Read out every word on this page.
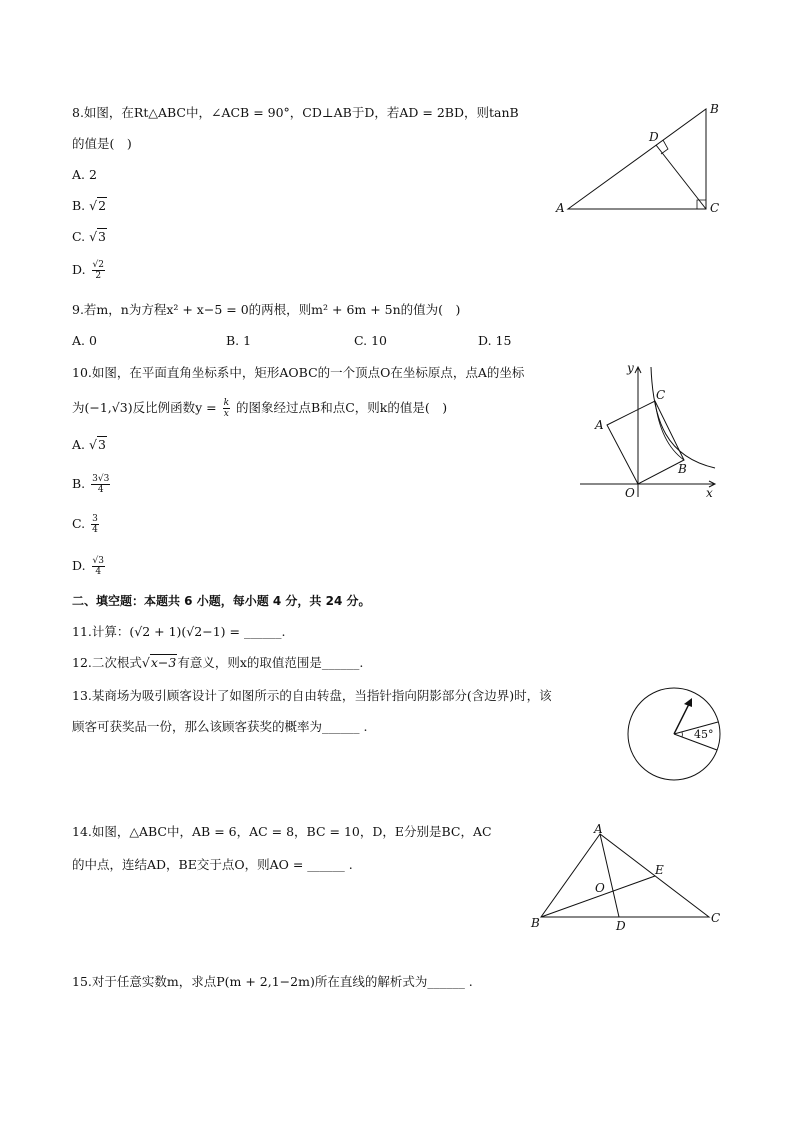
8.如图，在Rt△ABC中，∠ACB = 90°，CD⊥AB于D，若AD = 2BD，则tanB
的值是(　)
A. 2
B. √2
C. √3
D. $\frac{√2}{2}$
A
B
C
D
9.若m，n为方程x² + x−5 = 0的两根，则m² + 6m + 5n的值为(　)
A. 0	B. 1	C. 10	D. 15
10.如图，在平面直角坐标系中，矩形AOBC的一个顶点O在坐标原点，点A的坐标
为(−1,√3)反比例函数$y = \frac{k}{x}$ 的图象经过点B和点C，则k的值是(　)
A. √3
B. $\frac{3√3}{4}$
C. $\frac{3}{4}$
D. $\frac{√3}{4}$
y
x
A
C
B
O
二、填空题：本题共 6 小题，每小题 4 分，共 24 分。
11.计算：(√2 + 1)(√2−1) = ______.
12.二次根式√x−3有意义，则x的取值范围是______.
13.某商场为吸引顾客设计了如图所示的自由转盘，当指针指向阴影部分(含边界)时，该
顾客可获奖品一份，那么该顾客获奖的概率为______ .
45°
14.如图，△ABC中，AB = 6，AC = 8，BC = 10，D，E分别是BC，AC
的中点，连结AD，BE交于点O，则AO = ______ .
A
B	C
D
E
O
15.对于任意实数m，求点P(m + 2,1−2m)所在直线的解析式为______ .
